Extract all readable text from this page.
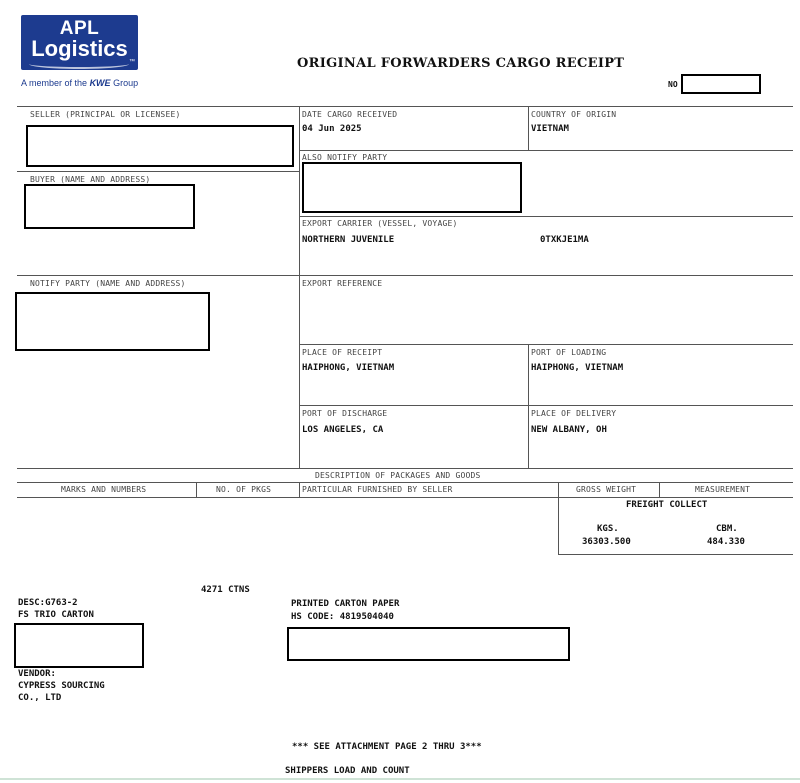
APL
Logistics
™
A member of the KWE Group
ORIGINAL FORWARDERS CARGO RECEIPT
NO
SELLER (PRINCIPAL OR LICENSEE)	DATE CARGO RECEIVED
04 Jun 2025
COUNTRY OF ORIGIN
VIETNAM
ALSO NOTIFY PARTY
BUYER (NAME AND ADDRESS)
EXPORT CARRIER (VESSEL, VOYAGE)
NORTHERN JUVENILE	0TXKJE1MA
NOTIFY PARTY (NAME AND ADDRESS)	EXPORT REFERENCE
PLACE OF RECEIPT
HAIPHONG, VIETNAM
PORT OF LOADING
HAIPHONG, VIETNAM
PORT OF DISCHARGE
LOS ANGELES, CA
PLACE OF DELIVERY
NEW ALBANY, OH
DESCRIPTION OF PACKAGES AND GOODS
MARKS AND NUMBERS	NO. OF PKGS	PARTICULAR FURNISHED BY SELLER	GROSS WEIGHT	MEASUREMENT
FREIGHT COLLECT
KGS.
36303.500
CBM.
484.330
4271 CTNS
DESC:G763-2
FS TRIO CARTON
VENDOR:
CYPRESS SOURCING
CO., LTD
PRINTED CARTON PAPER
HS CODE: 4819504040
*** SEE ATTACHMENT PAGE 2 THRU 3***
SHIPPERS LOAD AND COUNT
